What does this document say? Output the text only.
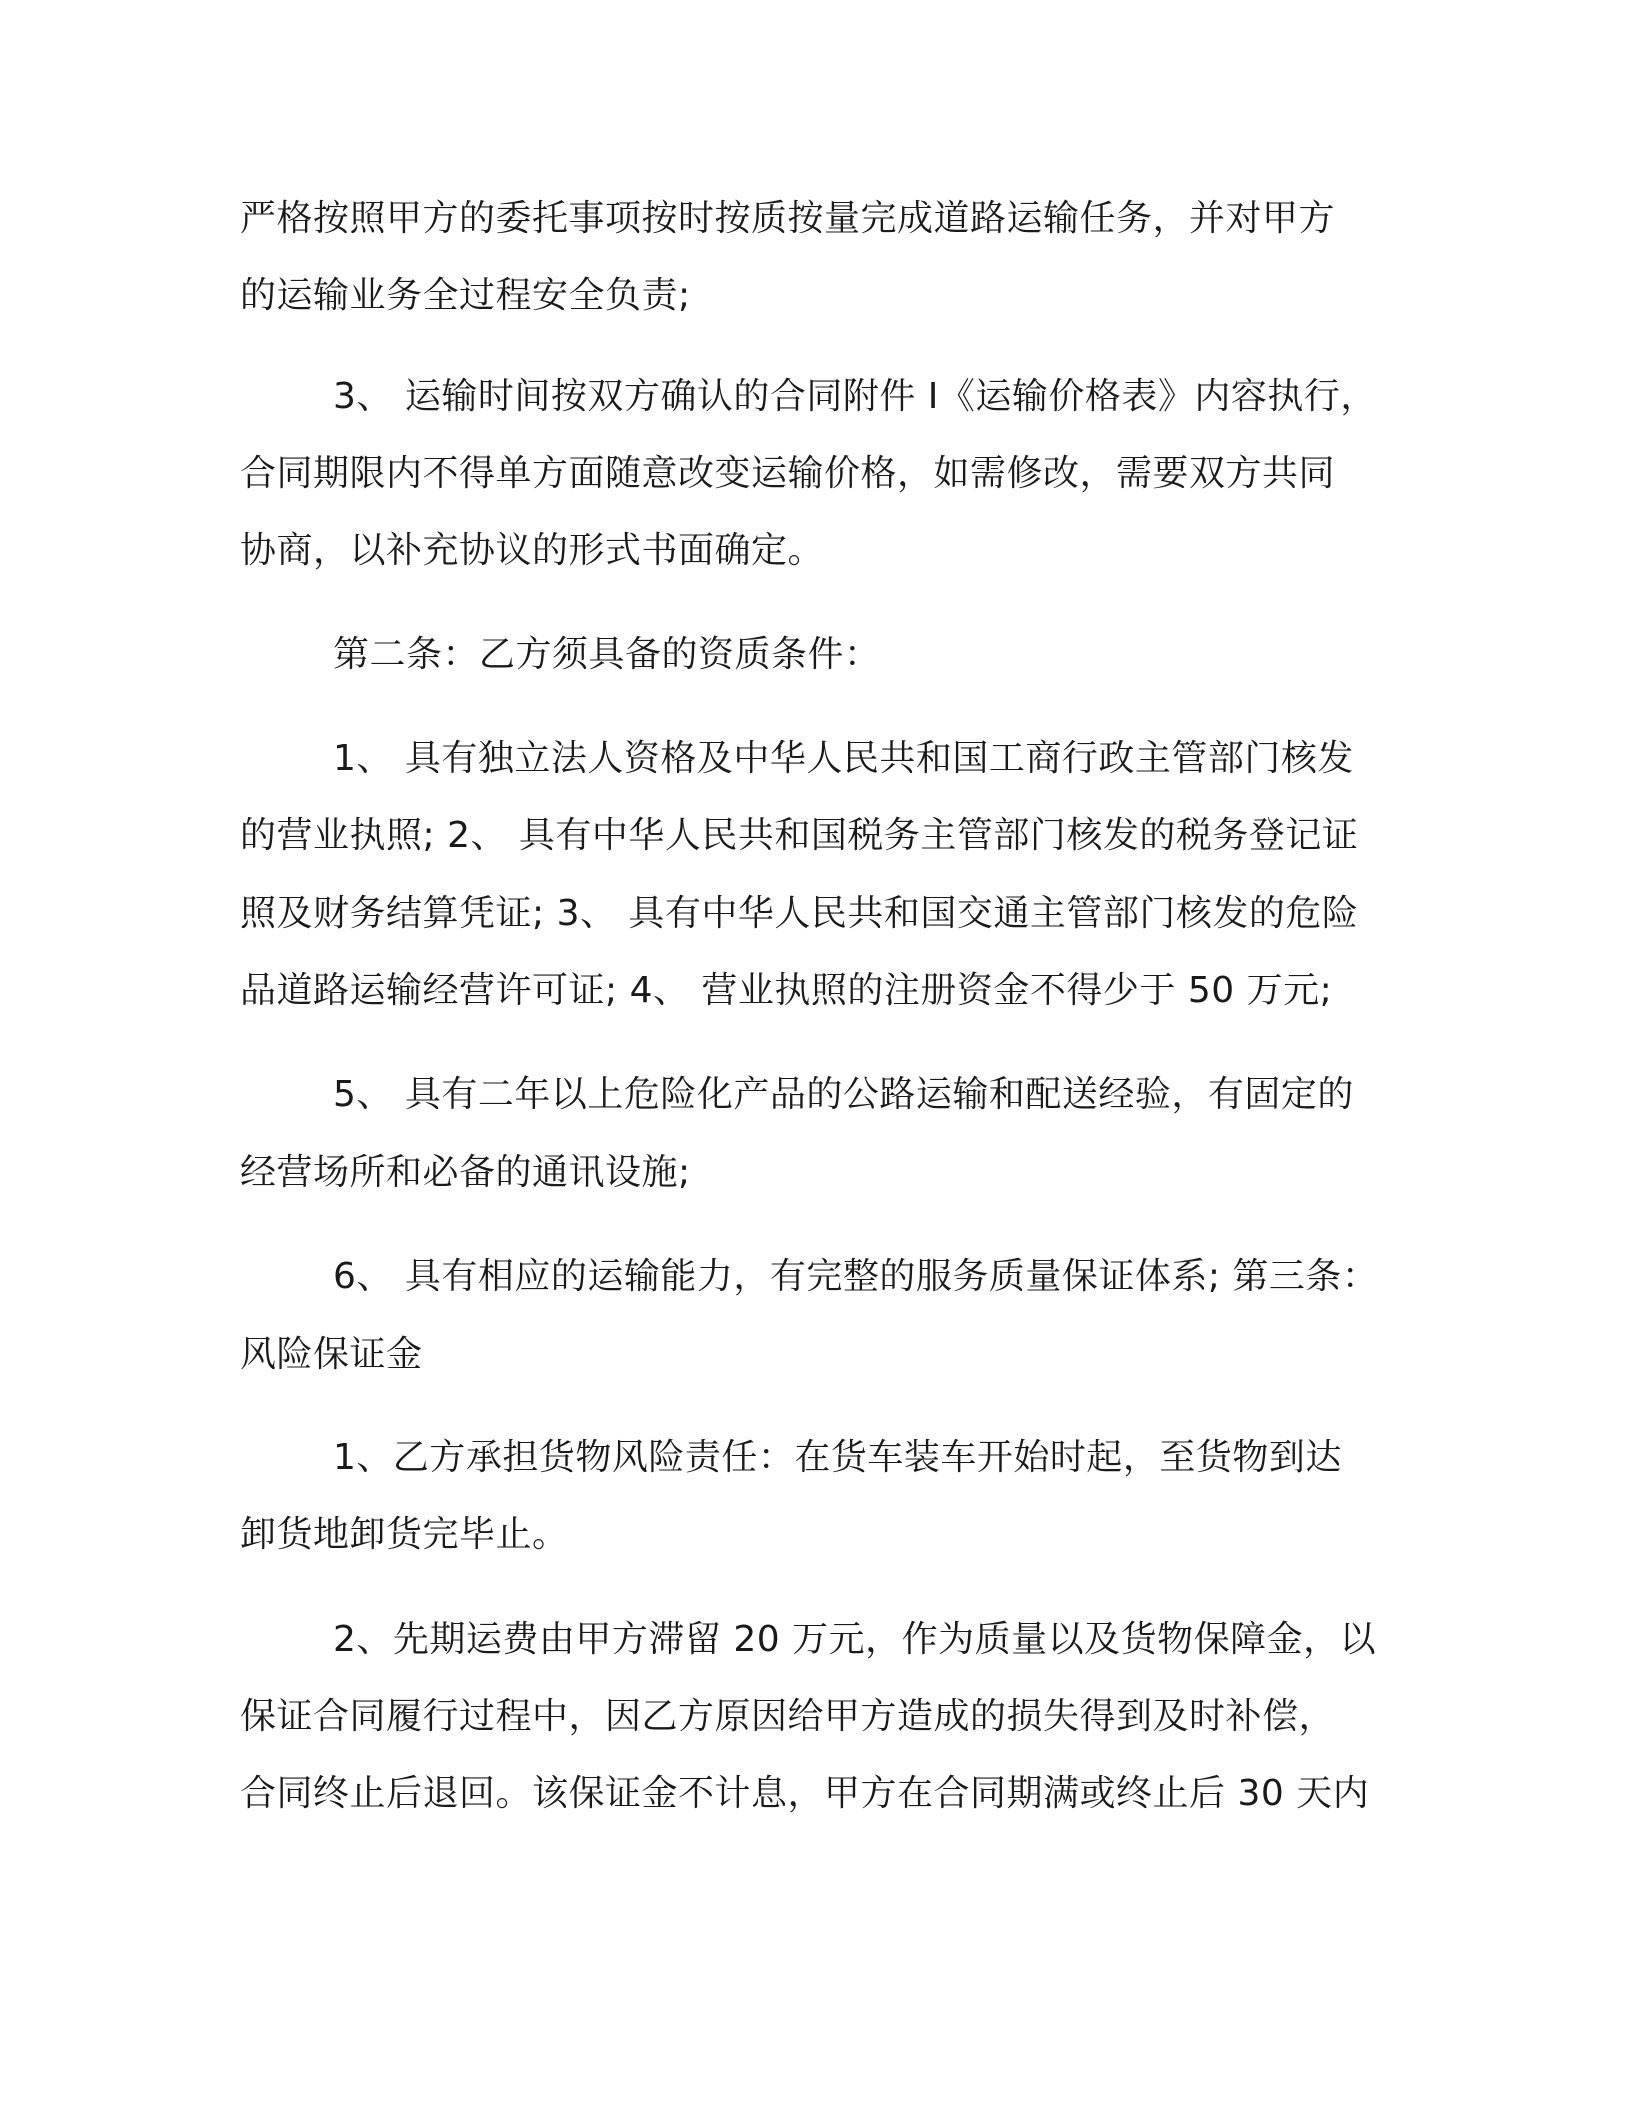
严格按照甲方的委托事项按时按质按量完成道路运输任务，并对甲方
的运输业务全过程安全负责;
3、 运输时间按双方确认的合同附件 I《运输价格表》内容执行，
合同期限内不得单方面随意改变运输价格，如需修改，需要双方共同
协商，以补充协议的形式书面确定。
第二条：乙方须具备的资质条件：
1、 具有独立法人资格及中华人民共和国工商行政主管部门核发
的营业执照; 2、 具有中华人民共和国税务主管部门核发的税务登记证
照及财务结算凭证; 3、 具有中华人民共和国交通主管部门核发的危险
品道路运输经营许可证; 4、 营业执照的注册资金不得少于 50 万元;
5、 具有二年以上危险化产品的公路运输和配送经验，有固定的
经营场所和必备的通讯设施;
6、 具有相应的运输能力，有完整的服务质量保证体系; 第三条：
风险保证金
1、乙方承担货物风险责任：在货车装车开始时起，至货物到达
卸货地卸货完毕止。
2、先期运费由甲方滞留 20 万元，作为质量以及货物保障金，以
保证合同履行过程中，因乙方原因给甲方造成的损失得到及时补偿，
合同终止后退回。该保证金不计息，甲方在合同期满或终止后 30 天内
